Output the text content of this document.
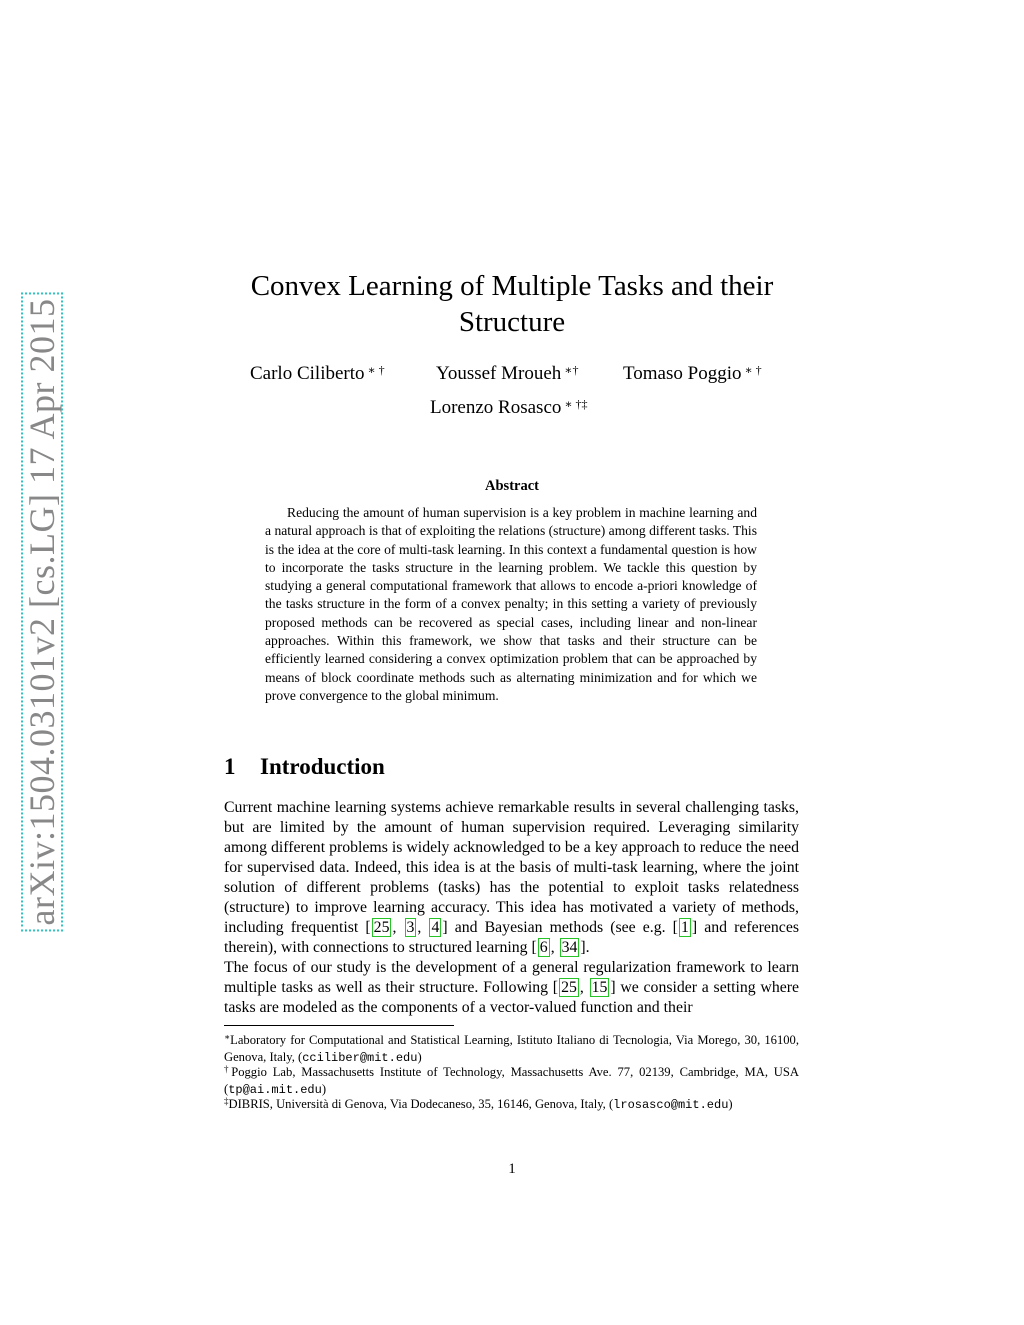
arXiv:1504.03101v2 [cs.LG] 17 Apr 2015
Convex Learning of Multiple Tasks and their
Structure
Carlo Ciliberto ∗ †	Youssef Mroueh ∗† Tomaso Poggio ∗ †
Lorenzo Rosasco ∗ †‡
Abstract
Reducing the amount of human supervision is a key problem in machine learning and a natural approach is that of exploiting the relations (structure) among different tasks. This is the idea at the core of multi-task learning. In this context a fundamental question is how to incorporate the tasks structure in the learning problem. We tackle this question by studying a general computational framework that allows to encode a-priori knowledge of the tasks structure in the form of a convex penalty; in this setting a variety of previously proposed methods can be recovered as special cases, including linear and non-linear approaches. Within this framework, we show that tasks and their structure can be efficiently learned considering a convex optimization problem that can be approached by means of block coordinate methods such as alternating minimization and for which we prove convergence to the global minimum.
1 Introduction
Current machine learning systems achieve remarkable results in several challenging tasks, but are limited by the amount of human supervision required. Leveraging similarity among different problems is widely acknowledged to be a key approach to reduce the need for supervised data. Indeed, this idea is at the basis of multi-task learning, where the joint solution of different problems (tasks) has the potential to exploit tasks relatedness (structure) to improve learning accuracy. This idea has motivated a variety of methods, including frequentist [ 25 , 3 , 4 ] and Bayesian methods (see e.g. [ 1 ] and references therein), with connections to structured learning [ 6 , 34 ].
The focus of our study is the development of a general regularization framework to learn multiple tasks as well as their structure. Following [ 25 , 15 ] we consider a setting where tasks are modeled as the components of a vector-valued function and their
∗Laboratory for Computational and Statistical Learning, Istituto Italiano di Tecnologia, Via Morego, 30, 16100, Genova, Italy, (cciliber@mit.edu)
†Poggio Lab, Massachusetts Institute of Technology, Massachusetts Ave. 77, 02139, Cambridge, MA, USA (tp@ai.mit.edu)
‡DIBRIS, Università di Genova, Via Dodecaneso, 35, 16146, Genova, Italy, (lrosasco@mit.edu)
1
